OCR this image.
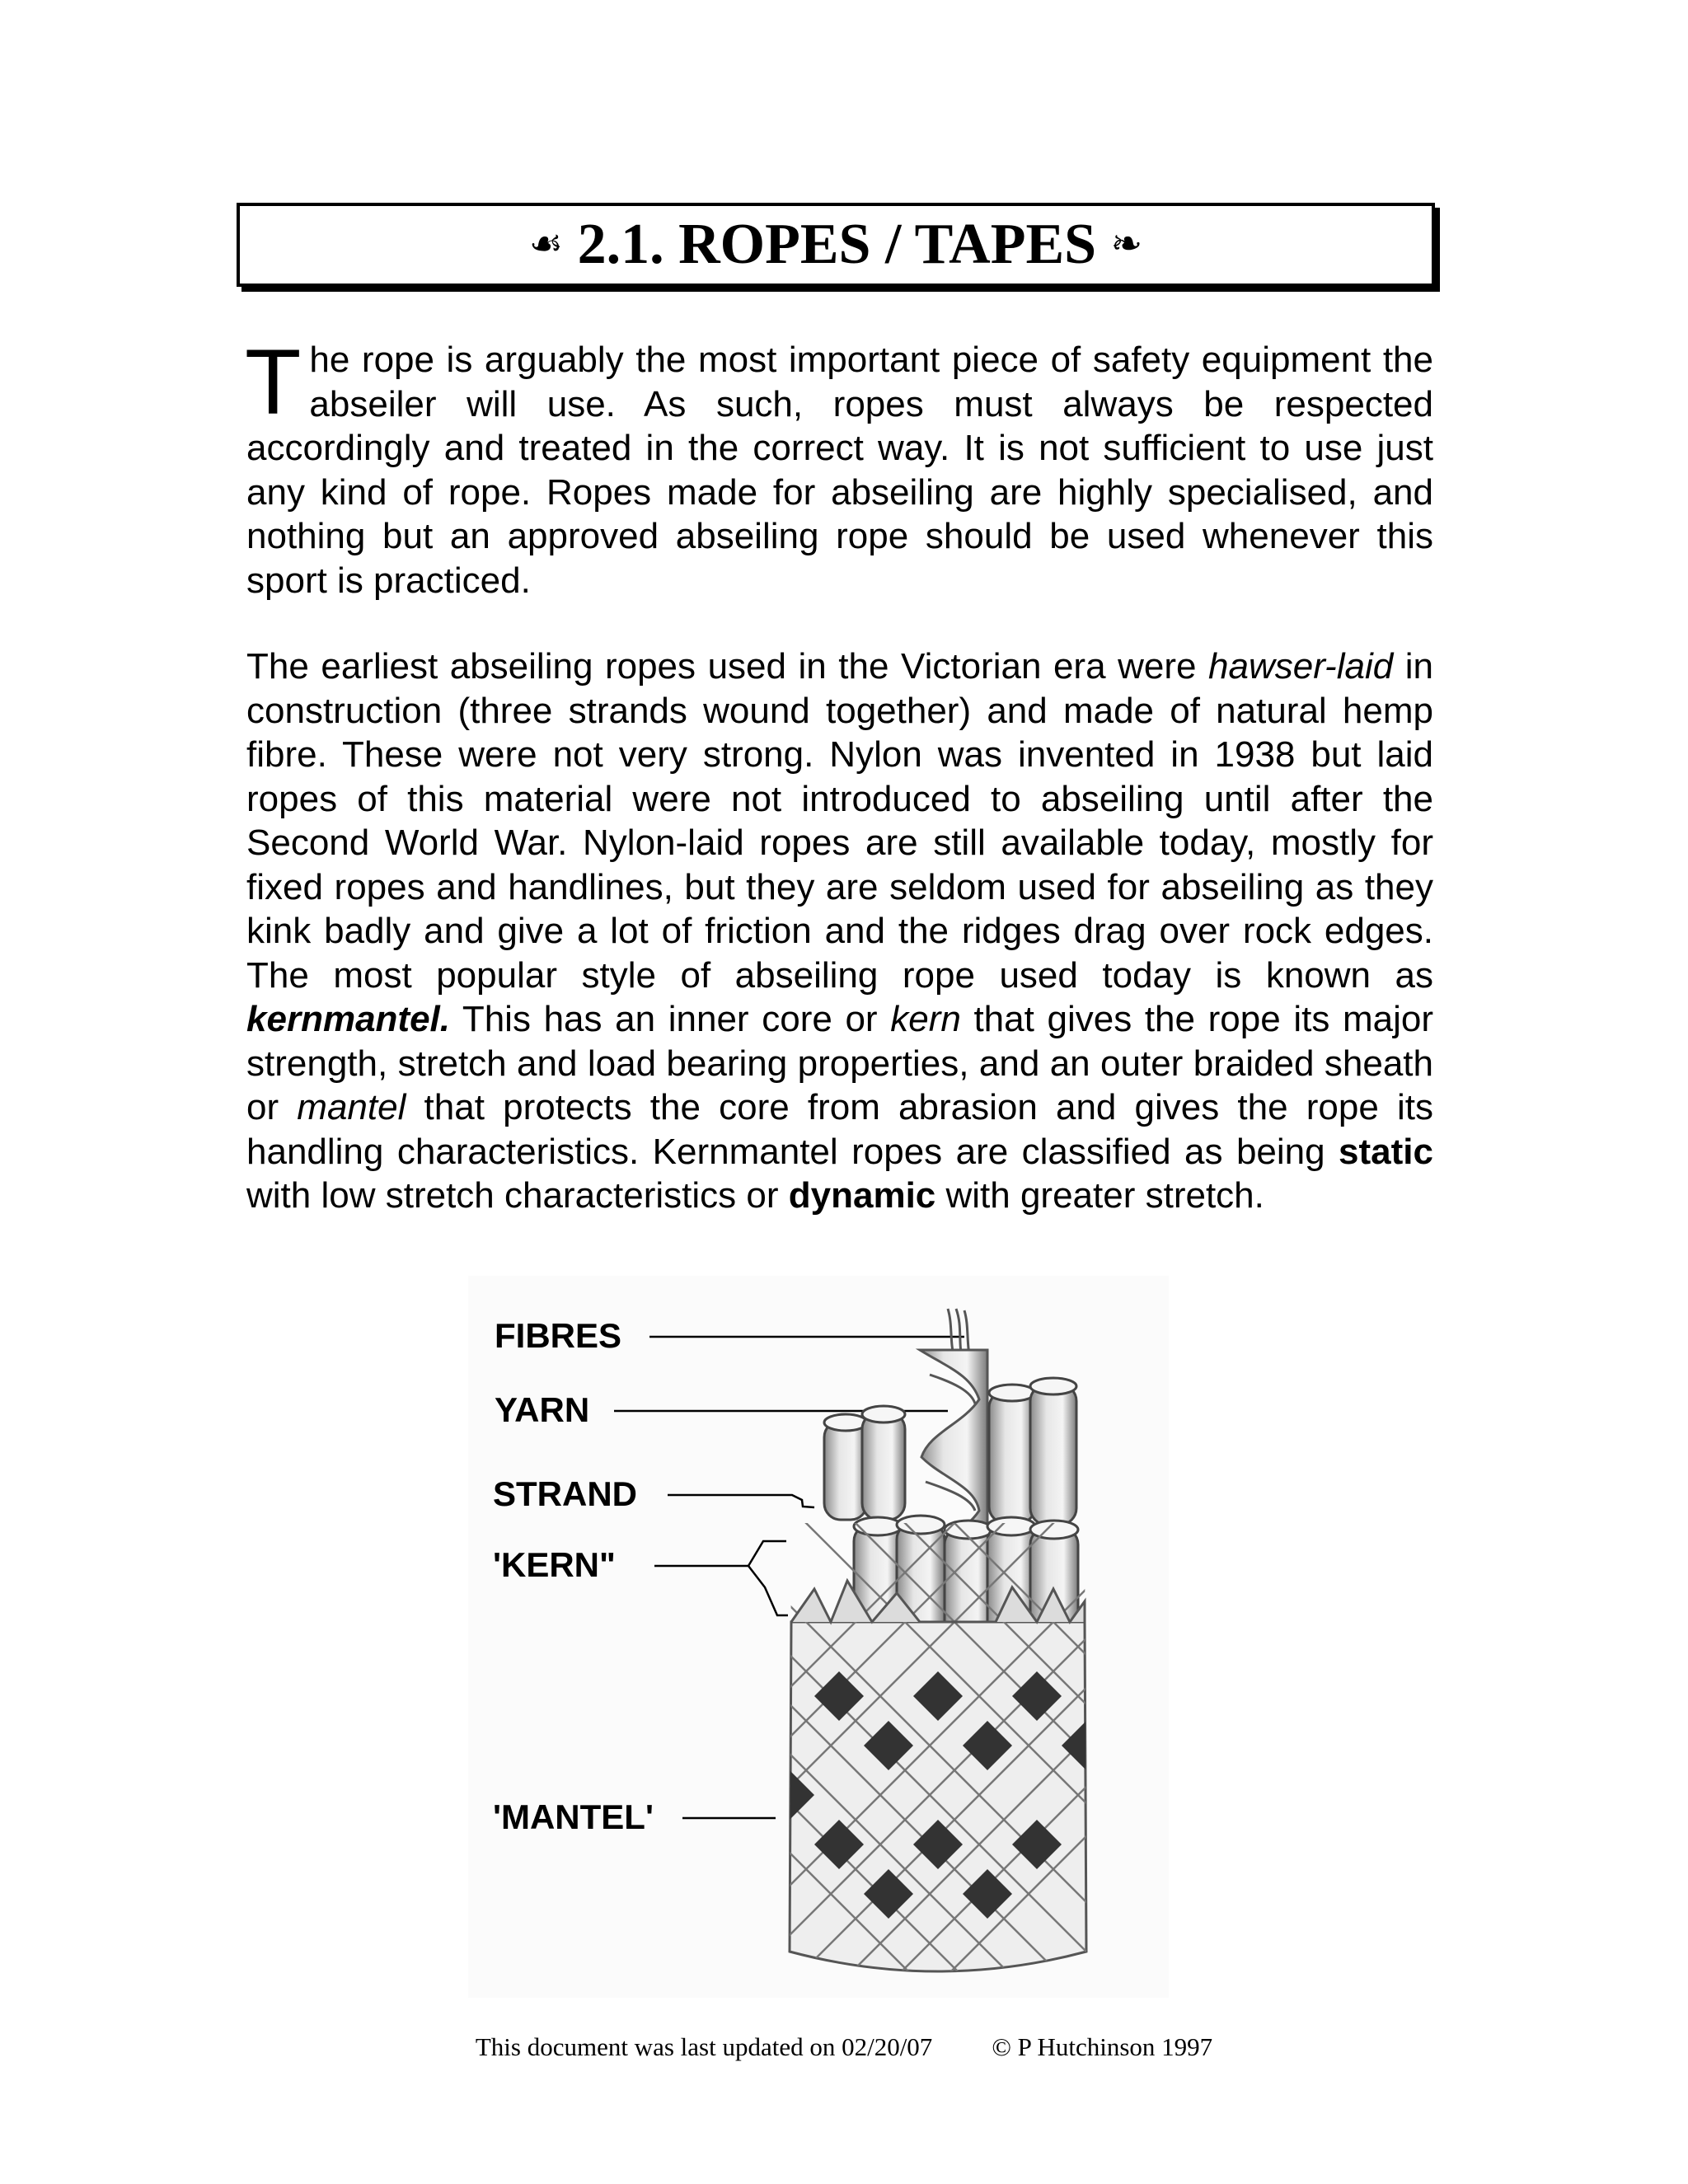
☙ 2.1. ROPES / TAPES ❧

The rope is arguably the most important piece of safety equipment the abseiler will use. As such, ropes must always be respected accordingly and treated in the correct way. It is not sufficient to use just any kind of rope. Ropes made for abseiling are highly specialised, and nothing but an approved abseiling rope should be used whenever this sport is practiced.

The earliest abseiling ropes used in the Victorian era were hawser-laid in construction (three strands wound together) and made of natural hemp fibre. These were not very strong. Nylon was invented in 1938 but laid ropes of this material were not introduced to abseiling until after the Second World War. Nylon-laid ropes are still available today, mostly for fixed ropes and handlines, but they are seldom used for abseiling as they kink badly and give a lot of friction and the ridges drag over rock edges. The most popular style of abseiling rope used today is known as kernmantel. This has an inner core or kern that gives the rope its major strength, stretch and load bearing properties, and an outer braided sheath or mantel that protects the core from abrasion and gives the rope its handling characteristics. Kernmantel ropes are classified as being static with low stretch characteristics or dynamic with greater stretch.

FIBRES
YARN
STRAND
'KERN"
'MANTEL'
This document was last updated on 02/20/07 © P Hutchinson 1997
